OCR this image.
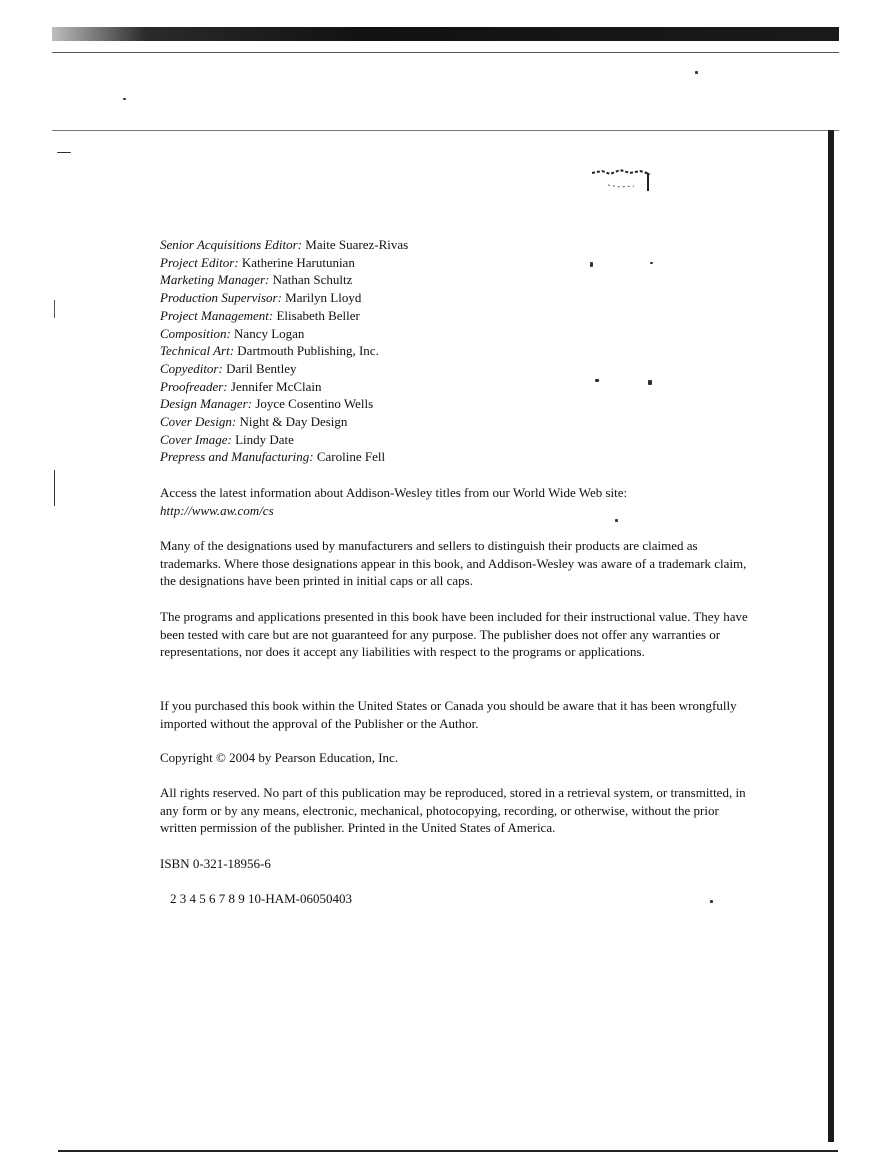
Senior Acquisitions Editor: Maite Suarez-Rivas
Project Editor: Katherine Harutunian
Marketing Manager: Nathan Schultz
Production Supervisor: Marilyn Lloyd
Project Management: Elisabeth Beller
Composition: Nancy Logan
Technical Art: Dartmouth Publishing, Inc.
Copyeditor: Daril Bentley
Proofreader: Jennifer McClain
Design Manager: Joyce Cosentino Wells
Cover Design: Night & Day Design
Cover Image: Lindy Date
Prepress and Manufacturing: Caroline Fell
Access the latest information about Addison-Wesley titles from our World Wide Web site:
http://www.aw.com/cs
Many of the designations used by manufacturers and sellers to distinguish their products are claimed as trademarks. Where those designations appear in this book, and Addison-Wesley was aware of a trademark claim, the designations have been printed in initial caps or all caps.
The programs and applications presented in this book have been included for their instructional value. They have been tested with care but are not guaranteed for any purpose. The publisher does not offer any warranties or representations, nor does it accept any liabilities with respect to the programs or applications.
If you purchased this book within the United States or Canada you should be aware that it has been wrongfully imported without the approval of the Publisher or the Author.
Copyright © 2004 by Pearson Education, Inc.
All rights reserved. No part of this publication may be reproduced, stored in a retrieval system, or transmitted, in any form or by any means, electronic, mechanical, photocopying, recording, or otherwise, without the prior written permission of the publisher. Printed in the United States of America.
ISBN 0-321-18956-6
2 3 4 5 6 7 8 9 10-HAM-06050403
